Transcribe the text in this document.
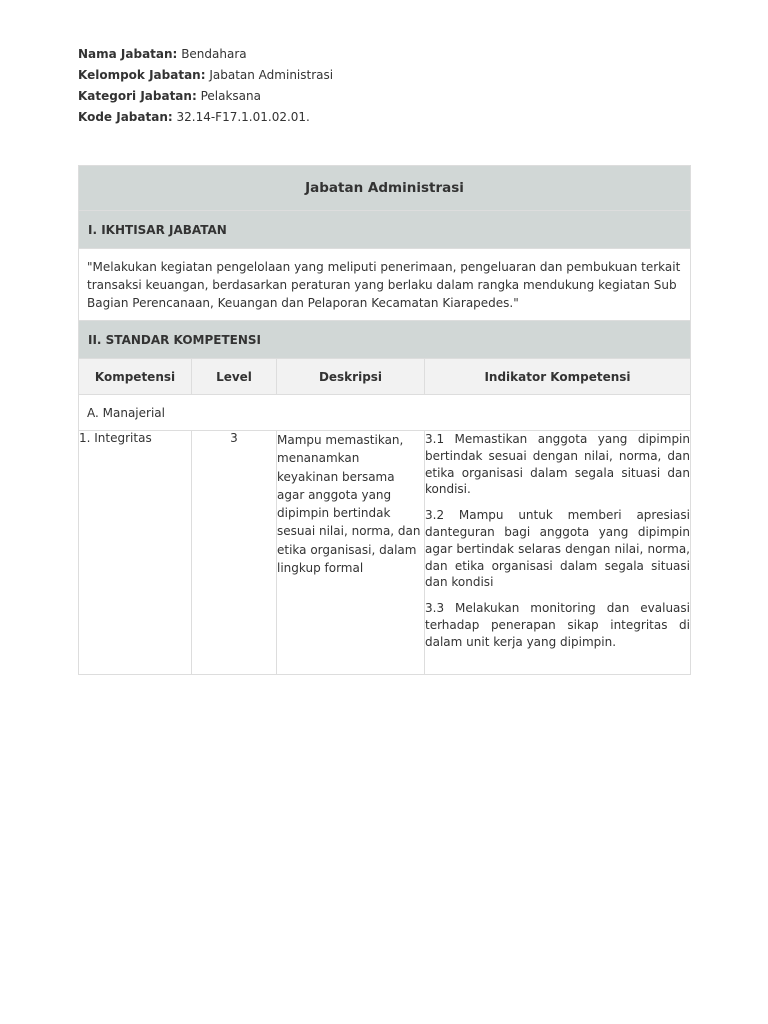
Nama Jabatan: Bendahara
Kelompok Jabatan: Jabatan Administrasi
Kategori Jabatan: Pelaksana
Kode Jabatan: 32.14-F17.1.01.02.01.
Jabatan Administrasi			
I. IKHTISAR JABATAN			
"Melakukan kegiatan pengelolaan yang meliputi penerimaan, pengeluaran dan pembukuan terkait transaksi keuangan, berdasarkan peraturan yang berlaku dalam rangka mendukung kegiatan Sub Bagian Perencanaan, Keuangan dan Pelaporan Kecamatan Kiarapedes."			
II. STANDAR KOMPETENSI			
Kompetensi	Level	Deskripsi	Indikator Kompetensi
A. Manajerial			
1. Integritas	3	Mampu memastikan, menanamkan keyakinan bersama agar anggota yang dipimpin bertindak sesuai nilai, norma, dan etika organisasi, dalam lingkup formal	3.1 Memastikan anggota yang dipimpin bertindak sesuai dengan nilai, norma, dan etika organisasi dalam segala situasi dan kondisi.

3.2 Mampu untuk memberi apresiasi danteguran bagi anggota yang dipimpin agar bertindak selaras dengan nilai, norma, dan etika organisasi dalam segala situasi dan kondisi

3.3 Melakukan monitoring dan evaluasi terhadap penerapan sikap integritas di dalam unit kerja yang dipimpin.
